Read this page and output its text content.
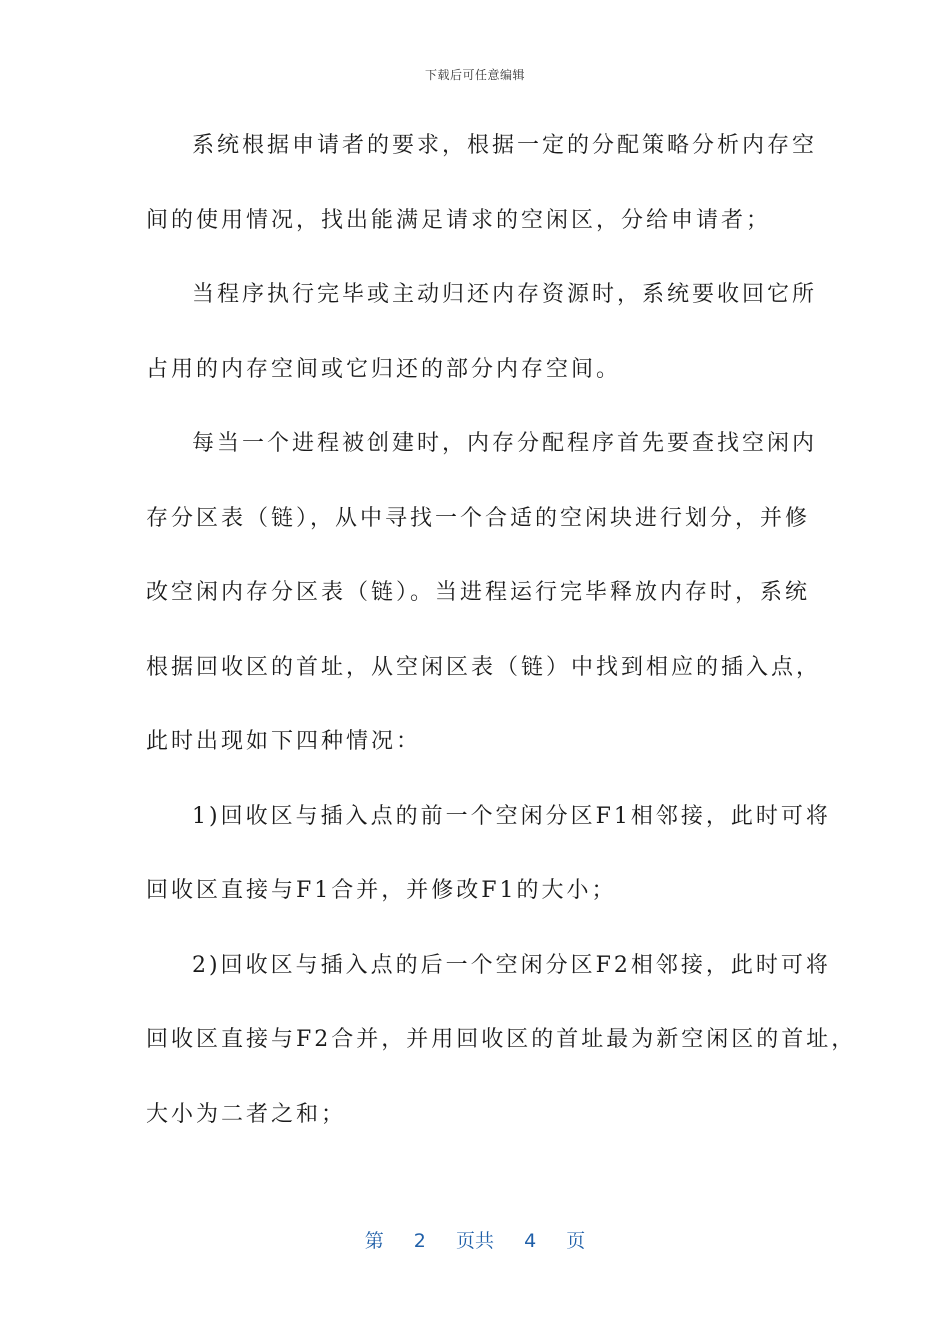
下载后可任意编辑
系统根据申请者的要求，根据一定的分配策略分析内存空
间的使用情况，找出能满足请求的空闲区，分给申请者；
当程序执行完毕或主动归还内存资源时，系统要收回它所
占用的内存空间或它归还的部分内存空间。
每当一个进程被创建时，内存分配程序首先要查找空闲内
存分区表（链），从中寻找一个合适的空闲块进行划分，并修
改空闲内存分区表（链）。当进程运行完毕释放内存时，系统
根据回收区的首址，从空闲区表（链）中找到相应的插入点，
此时出现如下四种情况：
1)回收区与插入点的前一个空闲分区F1相邻接，此时可将
回收区直接与F1合并，并修改F1的大小；
2)回收区与插入点的后一个空闲分区F2相邻接，此时可将
回收区直接与F2合并，并用回收区的首址最为新空闲区的首址，
大小为二者之和；
第 2 页共 4 页
